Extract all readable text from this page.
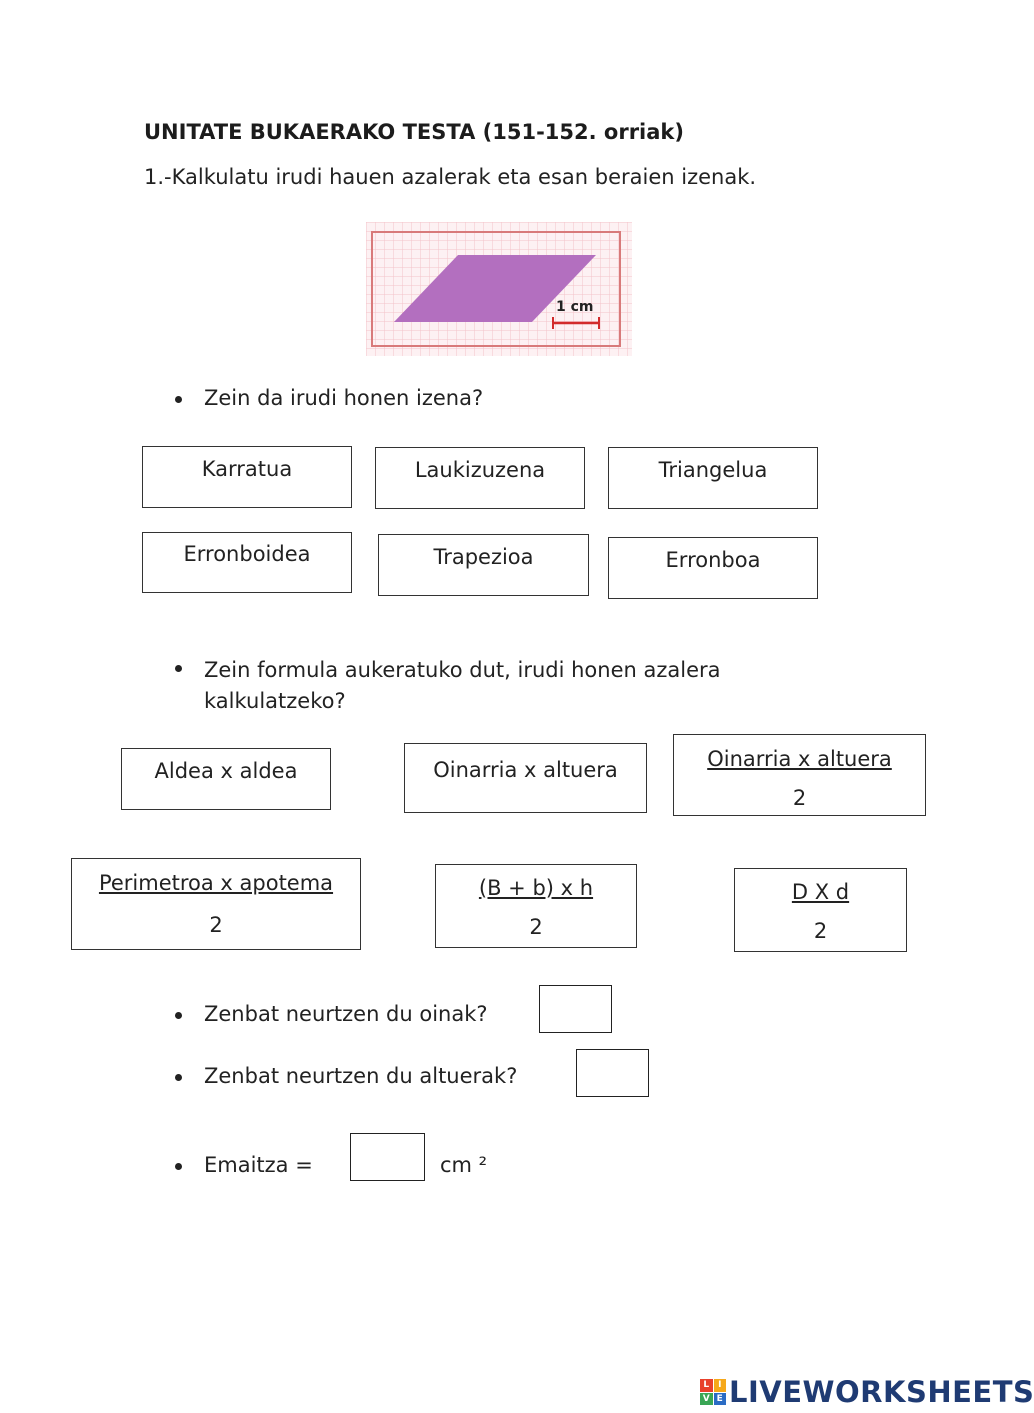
UNITATE BUKAERAKO TESTA (151-152. orriak)
1.-Kalkulatu irudi hauen azalerak eta esan beraien izenak.
1 cm
Zein da irudi honen izena?
Karratua	Laukizuzena	Triangelua
Erronboidea	Trapezioa	Erronboa
Zein formula aukeratuko dut, irudi honen azalera kalkulatzeko?
Aldea x aldea	Oinarria x altuera	Oinarria x altuera
2
Perimetroa x apotema
2	$\frac{\text{(B + b) x h}}{2}$	$\frac{\text{D X d}}{2}$
Zenbat neurtzen du oinak?
Zenbat neurtzen du altuerak?
Emaitza =	cm ²
L I
V E LIVEWORKSHEETS
